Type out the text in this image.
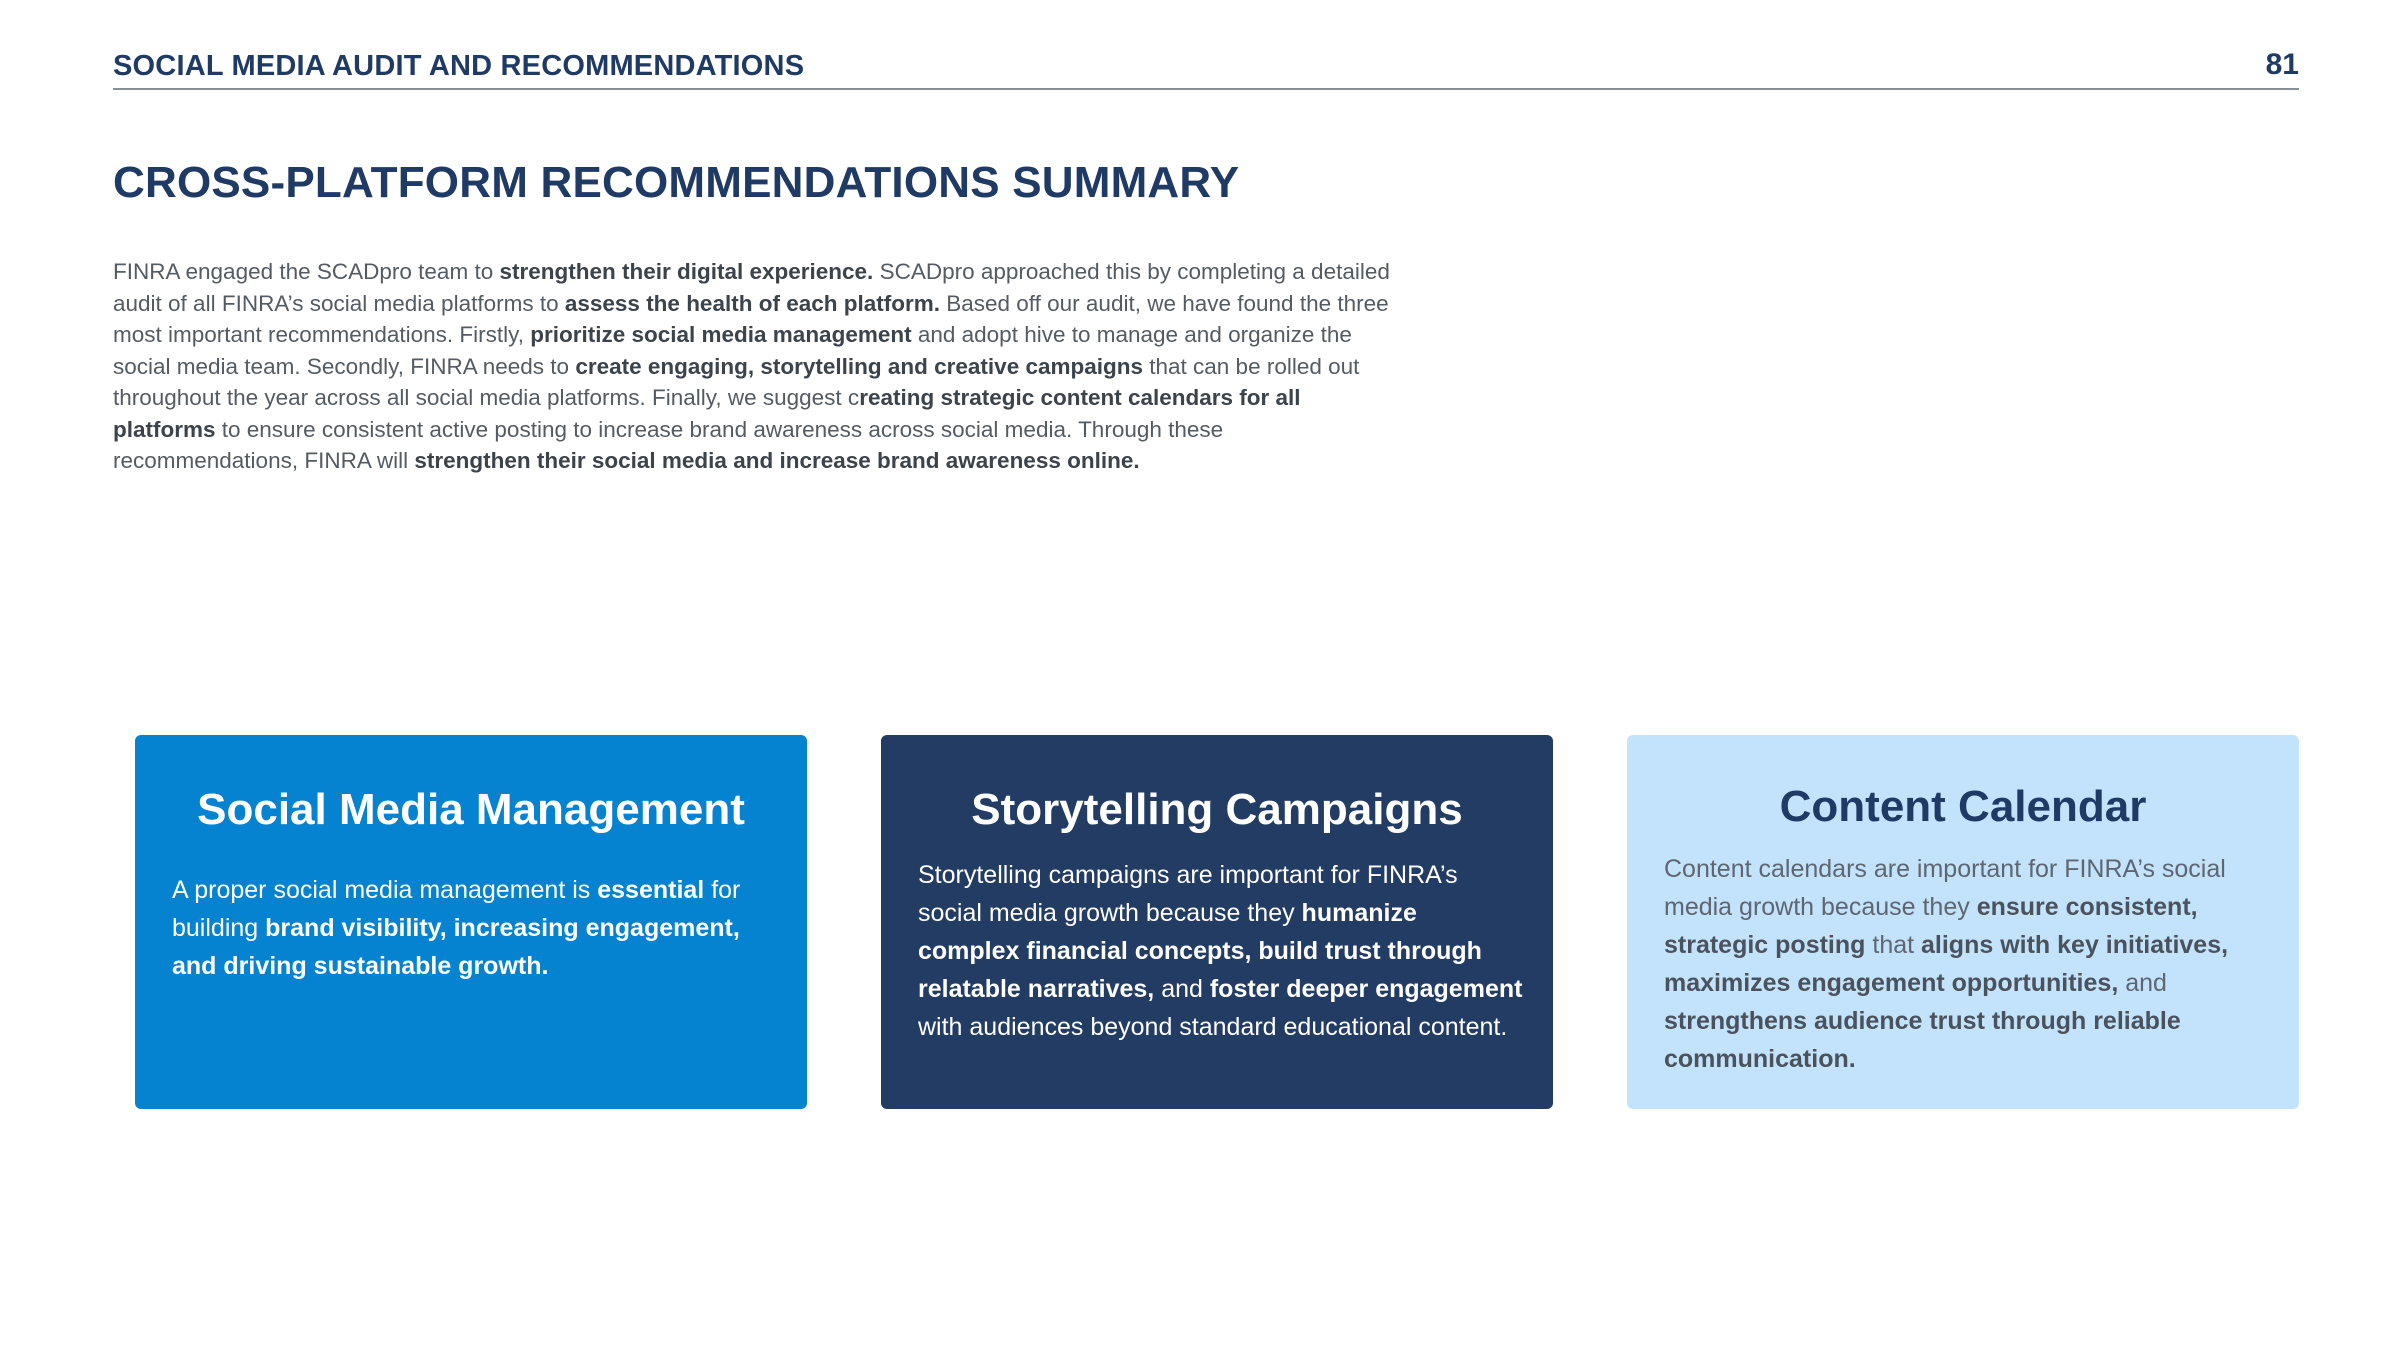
SOCIAL MEDIA AUDIT AND RECOMMENDATIONS	81
CROSS-PLATFORM RECOMMENDATIONS SUMMARY
FINRA engaged the SCADpro team to strengthen their digital experience. SCADpro approached this by completing a detailed audit of all FINRA’s social media platforms to assess the health of each platform. Based off our audit, we have found the three most important recommendations. Firstly, prioritize social media management and adopt hive to manage and organize the social media team. Secondly, FINRA needs to create engaging, storytelling and creative campaigns that can be rolled out throughout the year across all social media platforms. Finally, we suggest creating strategic content calendars for all platforms to ensure consistent active posting to increase brand awareness across social media. Through these recommendations, FINRA will strengthen their social media and increase brand awareness online.
Social Media Management
A proper social media management is essential for building brand visibility, increasing engagement, and driving sustainable growth.
Storytelling Campaigns
Storytelling campaigns are important for FINRA’s social media growth because they humanize complex financial concepts, build trust through relatable narratives, and foster deeper engagement with audiences beyond standard educational content.
Content Calendar
Content calendars are important for FINRA’s social media growth because they ensure consistent, strategic posting that aligns with key initiatives, maximizes engagement opportunities, and strengthens audience trust through reliable communication.
